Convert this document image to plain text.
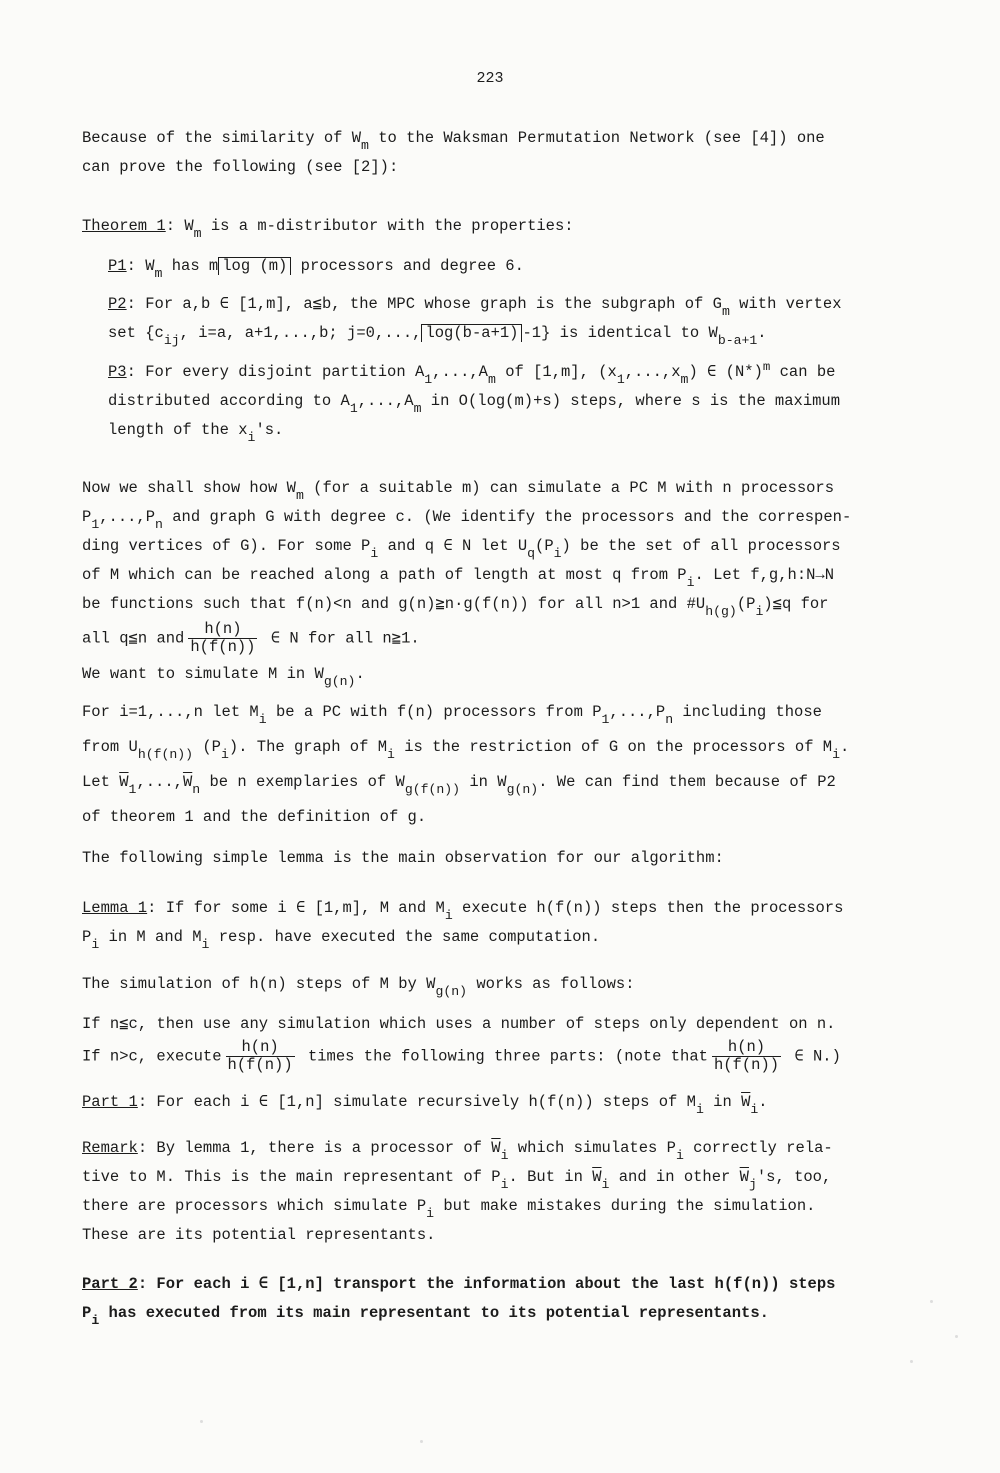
223
Because of the similarity of $W_m$ to the Waksman Permutation Network (see [4]) one
can prove the following (see [2]):
Theorem 1: $W_m$ is a m-distributor with the properties:
P1: $W_m$ has m log (m) processors and degree 6.
P2: For a,b ∈ [1,m], a≦b, the MPC whose graph is the subgraph of $G_m$ with vertex
set {$c_{ij}$, i=a, a+1,...,b; j=0,..., log(b-a+1) -1} is identical to $W_{b-a+1}$.
P3: For every disjoint partition $A_1,...,A_m$ of [1,m], $(x_1,...,x_m)$ ∈ $(N*)^m$ can be
distributed according to $A_1,...,A_m$ in O(log(m)+s) steps, where s is the maximum
length of the $x_i's$.
Now we shall show how $W_m$ (for a suitable m) can simulate a PC M with n processors
$P_1,...,P_n$ and graph G with degree c. (We identify the processors and the correspen-
ding vertices of G). For some $P_i$ and q ∈ N let $U_q(P_i)$ be the set of all processors
of M which can be reached along a path of length at most q from $P_i$. Let f,g,h:N→N
be functions such that f(n)<n and g(n)≧n·g(f(n)) for all n>1 and $\#U_{h(g)}(P_i)≦q$ for
all q≦n and $\frac{h(n)}{h(f(n))}$ ∈ N for all n≧1.
We want to simulate M in $W_{g(n)}$.
For i=1,...,n let $M_i$ be a PC with f(n) processors from $P_1,...,P_n$ including those
from $U_{h(f(n))}$ $(P_i)$. The graph of $M_i$ is the restriction of G on the processors of $M_i$.
Let $\overline{W}_1,...,\overline{W}_n$ be n exemplaries of $W_{g(f(n))}$ in $W_{g(n)}$. We can find them because of P2
of theorem 1 and the definition of g.
The following simple lemma is the main observation for our algorithm:
Lemma 1: If for some i ∈ [1,m], M and $M_i$ execute h(f(n)) steps then the processors
$P_i$ in M and $M_i$ resp. have executed the same computation.
The simulation of h(n) steps of M by $W_{g(n)}$ works as follows:
If n≦c, then use any simulation which uses a number of steps only dependent on n.
If n>c, execute $\frac{h(n)}{h(f(n))}$ times the following three parts: (note that $\frac{h(n)}{h(f(n))}$ ∈ N.)
Part 1: For each i ∈ [1,n] simulate recursively h(f(n)) steps of $M_i$ in $\overline{W}_i$.
Remark: By lemma 1, there is a processor of $\overline{W}_i$ which simulates $P_i$ correctly rela-
tive to M. This is the main representant of $P_i$. But in $\overline{W}_i$ and in other $\overline{W}_j's$, too,
there are processors which simulate $P_i$ but make mistakes during the simulation.
These are its potential representants.
Part 2: For each i ∈ [1,n] transport the information about the last h(f(n)) steps
$P_i$ has executed from its main representant to its potential representants.
